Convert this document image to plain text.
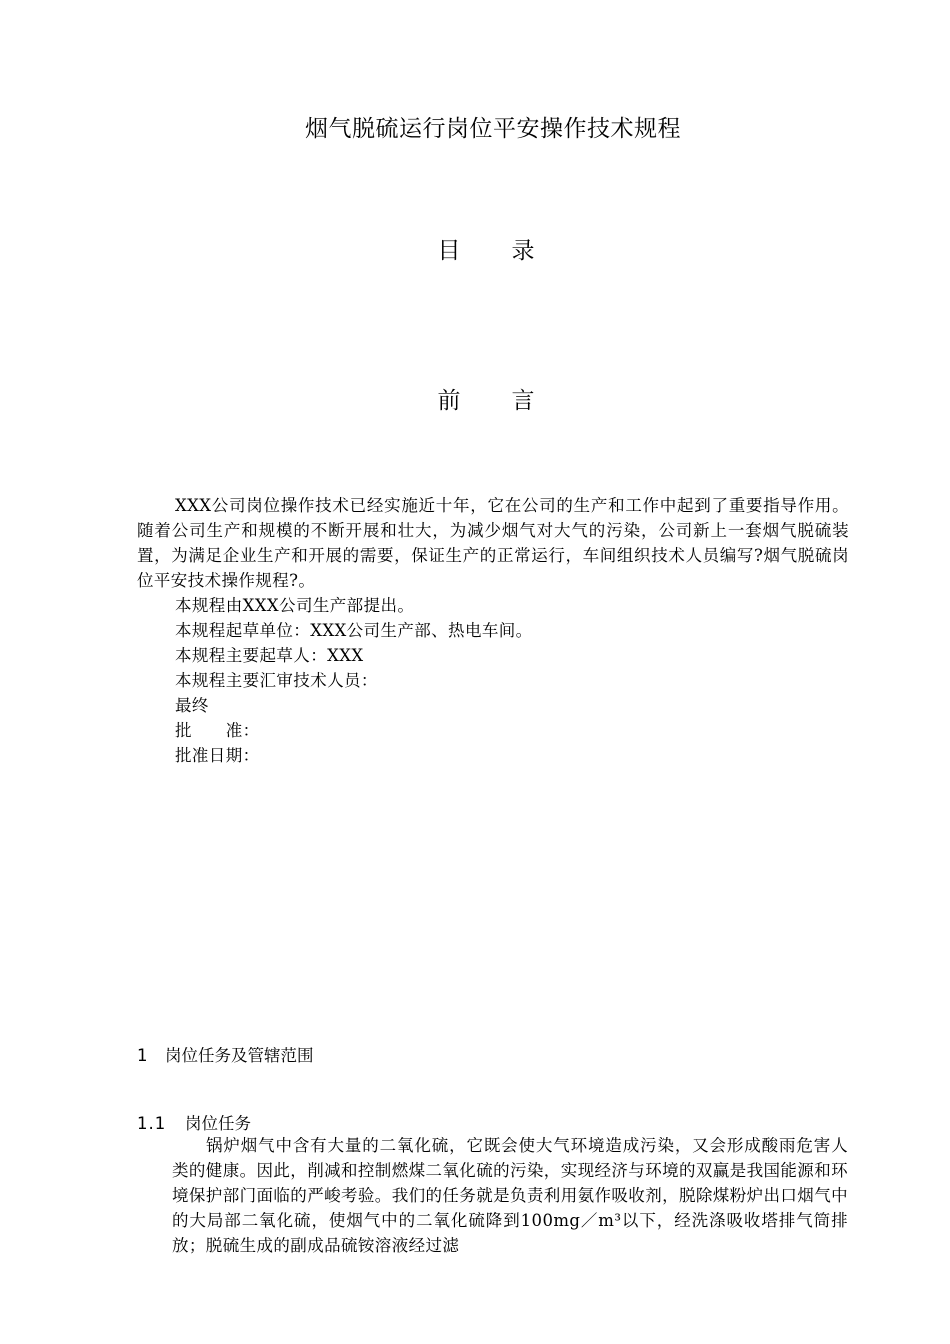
烟气脱硫运行岗位平安操作技术规程
目　录
前　言

XXX公司岗位操作技术已经实施近十年，它在公司的生产和工作中起到了重要指导作用。随着公司生产和规模的不断开展和壮大，为减少烟气对大气的污染，公司新上一套烟气脱硫装置，为满足企业生产和开展的需要，保证生产的正常运行，车间组织技术人员编写?烟气脱硫岗位平安技术操作规程?。

本规程由XXX公司生产部提出。

本规程起草单位：XXX公司生产部、热电车间。

本规程主要起草人：XXX

本规程主要汇审技术人员：

最终

批　　准：

批准日期：

1 岗位任务及管辖范围
1.1 岗位任务

锅炉烟气中含有大量的二氧化硫，它既会使大气环境造成污染，又会形成酸雨危害人类的健康。因此，削减和控制燃煤二氧化硫的污染，实现经济与环境的双赢是我国能源和环境保护部门面临的严峻考验。我们的任务就是负责利用氨作吸收剂，脱除煤粉炉出口烟气中的大局部二氧化硫，使烟气中的二氧化硫降到100mg／m³以下，经洗涤吸收塔排气筒排放；脱硫生成的副成品硫铵溶液经过滤
